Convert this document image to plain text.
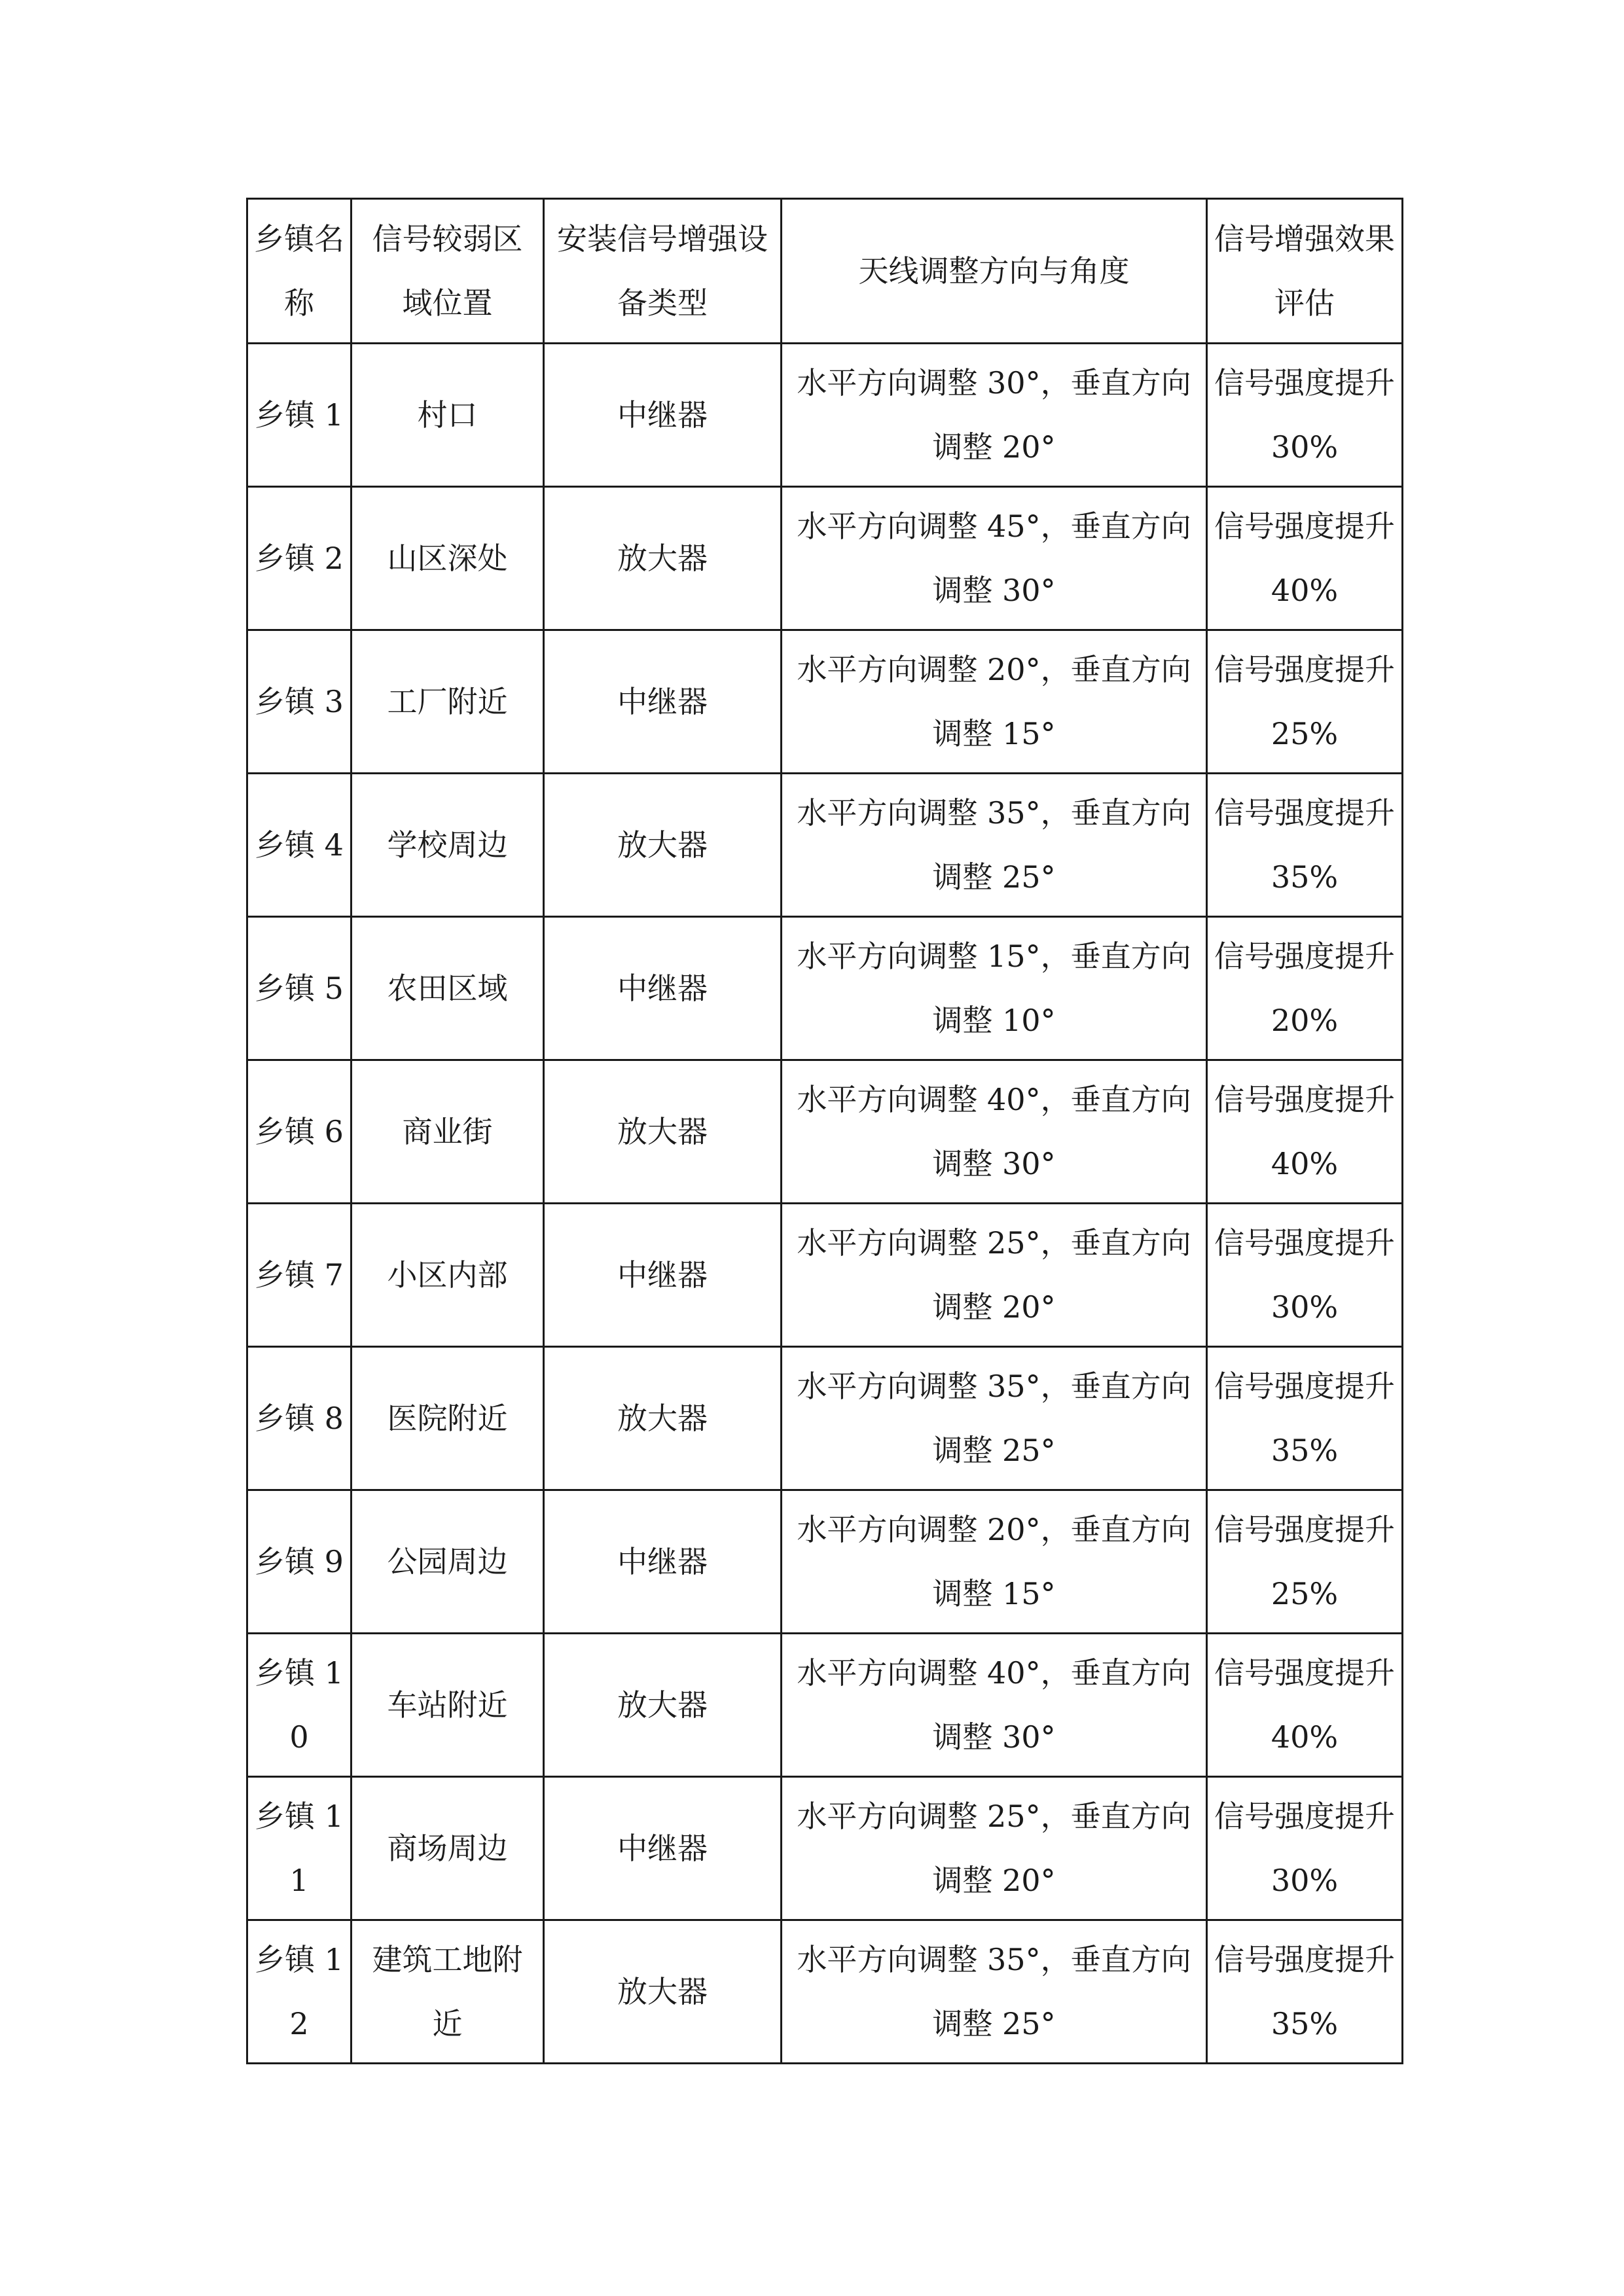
乡镇名称	信号较弱区域位置	安装信号增强设备类型	天线调整方向与角度	信号增强效果评估

乡镇 1	村口	中继器	水平方向调整 30°，垂直方向调整 20°	信号强度提升 30%

乡镇 2	山区深处	放大器	水平方向调整 45°，垂直方向调整 30°	信号强度提升 40%

乡镇 3	工厂附近	中继器	水平方向调整 20°，垂直方向调整 15°	信号强度提升 25%

乡镇 4	学校周边	放大器	水平方向调整 35°，垂直方向调整 25°	信号强度提升 35%

乡镇 5	农田区域	中继器	水平方向调整 15°，垂直方向调整 10°	信号强度提升 20%

乡镇 6	商业街	放大器	水平方向调整 40°，垂直方向调整 30°	信号强度提升 40%

乡镇 7	小区内部	中继器	水平方向调整 25°，垂直方向调整 20°	信号强度提升 30%

乡镇 8	医院附近	放大器	水平方向调整 35°，垂直方向调整 25°	信号强度提升 35%

乡镇 9	公园周边	中继器	水平方向调整 20°，垂直方向调整 15°	信号强度提升 25%

乡镇 10	车站附近	放大器	水平方向调整 40°，垂直方向调整 30°	信号强度提升 40%

乡镇 11	商场周边	中继器	水平方向调整 25°，垂直方向调整 20°	信号强度提升 30%

乡镇 12	建筑工地附近	放大器	水平方向调整 35°，垂直方向调整 25°	信号强度提升 35%
